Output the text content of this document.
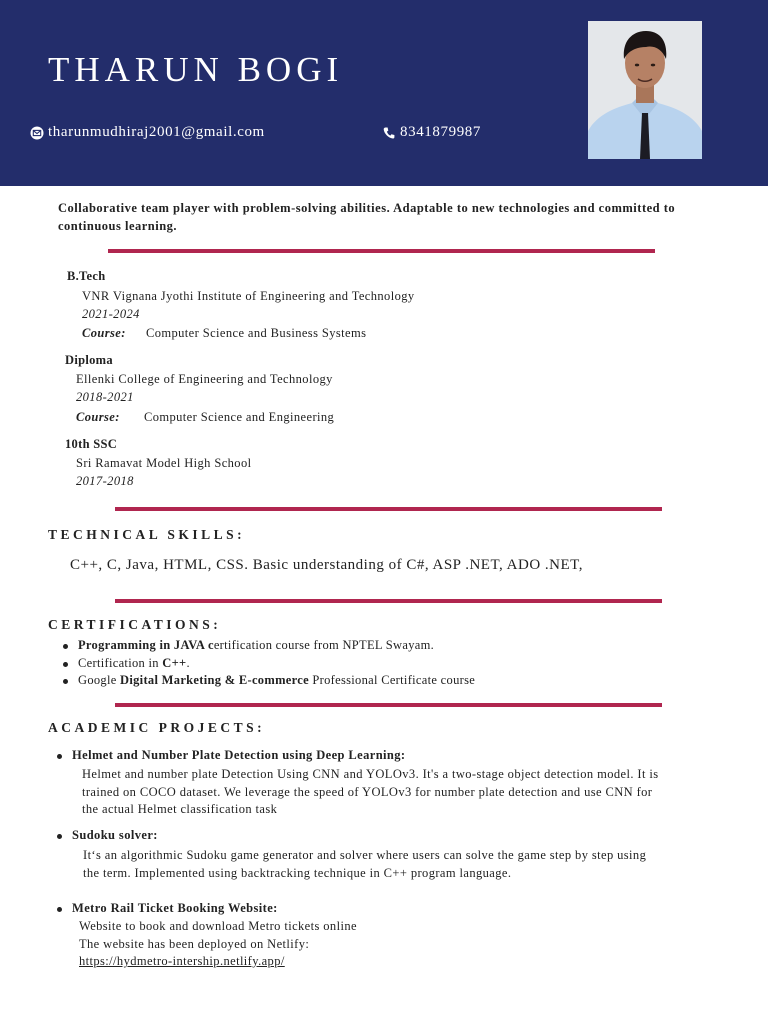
THARUN BOGI
tharunmudhiraj2001@gmail.com	8341879987
Collaborative team player with problem-solving abilities. Adaptable to new technologies and committed to continuous learning.
B.Tech
VNR Vignana Jyothi Institute of Engineering and Technology
2021-2024
Course: Computer Science and Business Systems
Diploma
Ellenki College of Engineering and Technology
2018-2021
Course: Computer Science and Engineering
10th SSC
Sri Ramavat Model High School
2017-2018
TECHNICAL SKILLS:
C++, C, Java, HTML, CSS. Basic understanding of C#, ASP .NET, ADO .NET,
CERTIFICATIONS:
Programming in JAVA certification course from NPTEL Swayam.
Certification in C++.
Google Digital Marketing & E-commerce Professional Certificate course
ACADEMIC PROJECTS:
Helmet and Number Plate Detection using Deep Learning:
Helmet and number plate Detection Using CNN and YOLOv3. It's a two-stage object detection model. It is
trained on COCO dataset. We leverage the speed of YOLOv3 for number plate detection and use CNN for
the actual Helmet classification task
Sudoku solver:
It‘s an algorithmic Sudoku game generator and solver where users can solve the game step by step using
the term. Implemented using backtracking technique in C++ program language.
Metro Rail Ticket Booking Website:
Website to book and download Metro tickets online
The website has been deployed on Netlify:
https://hydmetro-intership.netlify.app/
